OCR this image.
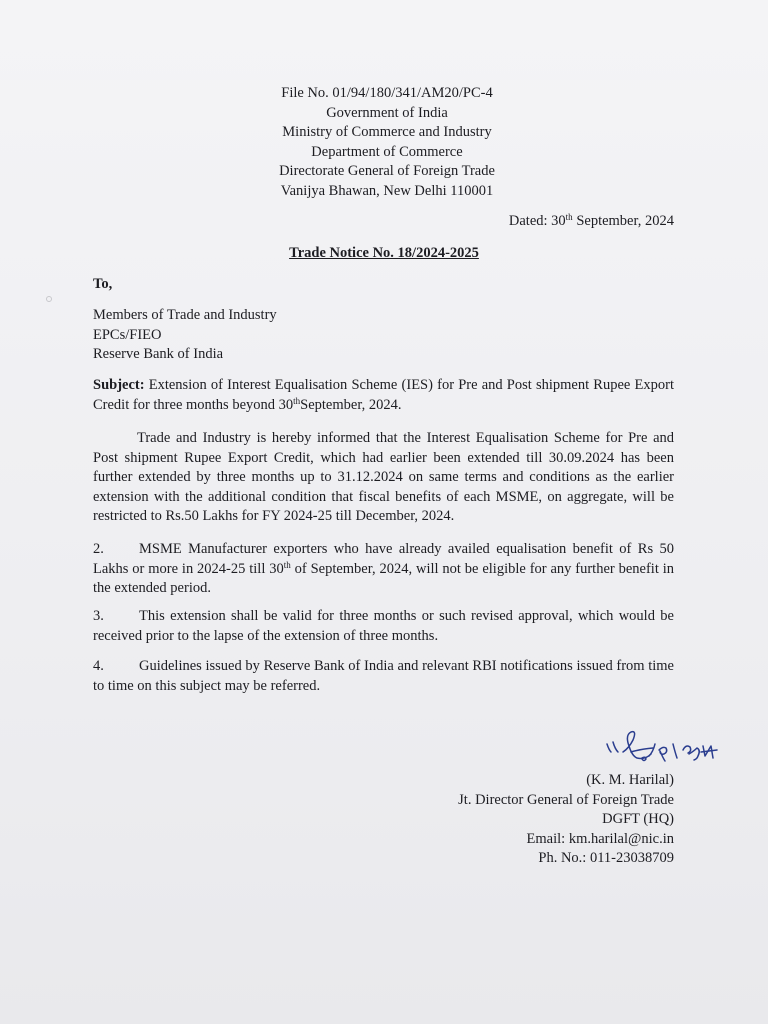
File No. 01/94/180/341/AM20/PC-4
Government of India
Ministry of Commerce and Industry
Department of Commerce
Directorate General of Foreign Trade
Vanijya Bhawan, New Delhi 110001
Dated: 30th September, 2024
Trade Notice No. 18/2024-2025
To,
Members of Trade and Industry
EPCs/FIEO
Reserve Bank of India
Subject: Extension of Interest Equalisation Scheme (IES) for Pre and Post shipment Rupee Export Credit for three months beyond 30thSeptember, 2024.
Trade and Industry is hereby informed that the Interest Equalisation Scheme for Pre and Post shipment Rupee Export Credit, which had earlier been extended till 30.09.2024 has been further extended by three months up to 31.12.2024 on same terms and conditions as the earlier extension with the additional condition that fiscal benefits of each MSME, on aggregate, will be restricted to Rs.50 Lakhs for FY 2024-25 till December, 2024.
2. MSME Manufacturer exporters who have already availed equalisation benefit of Rs 50 Lakhs or more in 2024-25 till 30th of September, 2024, will not be eligible for any further benefit in the extended period.
3. This extension shall be valid for three months or such revised approval, which would be received prior to the lapse of the extension of three months.
4. Guidelines issued by Reserve Bank of India and relevant RBI notifications issued from time to time on this subject may be referred.
(K. M. Harilal)
Jt. Director General of Foreign Trade
DGFT (HQ)
Email: km.harilal@nic.in
Ph. No.: 011-23038709
